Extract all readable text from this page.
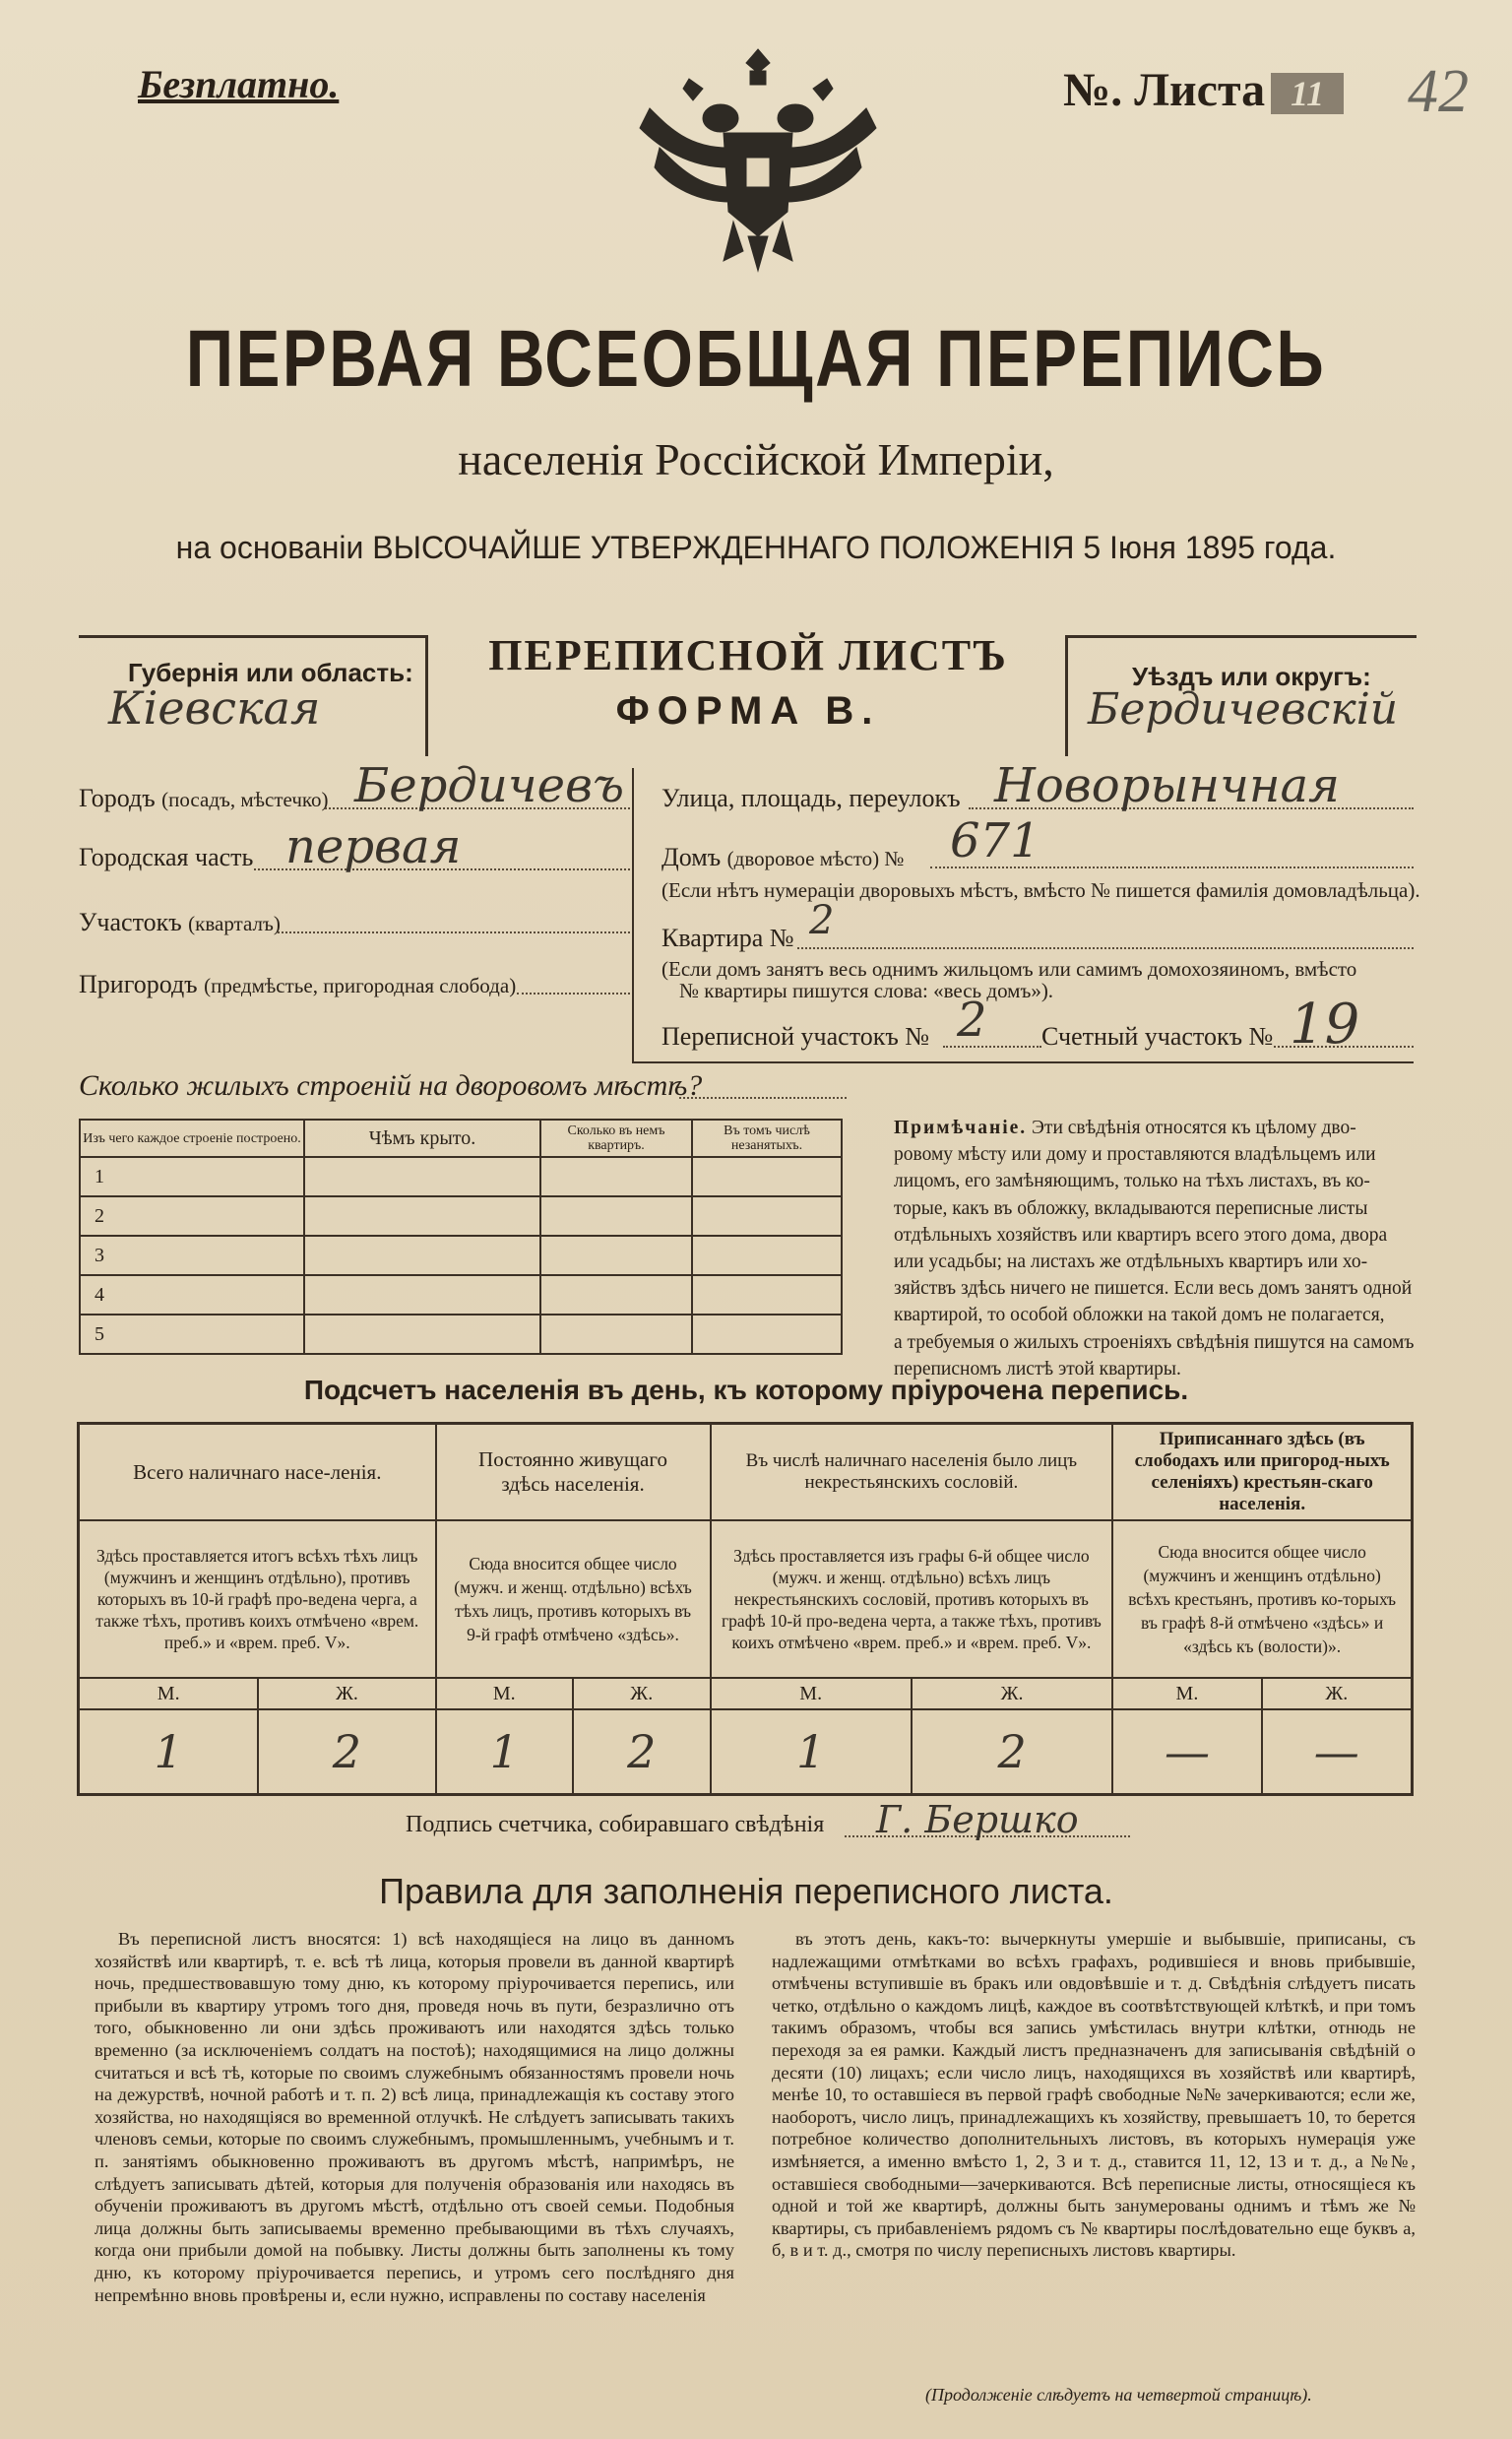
Безплатно.	№. Листа 11	42
ПЕРВАЯ ВСЕОБЩАЯ ПЕРЕПИСЬ
населенія Россійской Имперіи,
на основаніи ВЫСОЧАЙШЕ УТВЕРЖДЕННАГО ПОЛОЖЕНІЯ 5 Іюня 1895 года.
Губернія или область:
Кіевская
ПЕРЕПИСНОЙ ЛИСТЪ
ФОРМА В.
Уѣздъ или округъ:
Бердичевскій
Городъ (посадъ, мѣстечко) Бердичевъ
Городская часть первая
Участокъ (кварталъ)
Пригородъ (предмѣстье, пригородная слобода)
Улица, площадь, переулокъ Новорынчная
Домъ (дворовое мѣсто) № 671
(Если нѣтъ нумераціи дворовыхъ мѣстъ, вмѣсто № пишется фамилія домовладѣльца).
Квартира № 2
(Если домъ занятъ весь однимъ жильцомъ или самимъ домохозяиномъ, вмѣсто
№ квартиры пишутся слова: «весь домъ»).
Переписной участокъ № 2 Счетный участокъ № 19
Сколько жилыхъ строеній на дворовомъ мѣстѣ?
Изъ чего каждое строеніе построено.	Чѣмъ крыто.	Сколько въ немъ квартиръ.	Въ томъ числѣ незанятыхъ.
1			
2			
3			
4			
5			
Примѣчаніе. Эти свѣдѣнія относятся къ цѣлому дво-
ровому мѣсту или дому и проставляются владѣльцемъ или
лицомъ, его замѣняющимъ, только на тѣхъ листахъ, въ ко-
торые, какъ въ обложку, вкладываются переписные листы
отдѣльныхъ хозяйствъ или квартиръ всего этого дома, двора
или усадьбы; на листахъ же отдѣльныхъ квартиръ или хо-
зяйствъ здѣсь ничего не пишется. Если весь домъ занятъ одной
квартирой, то особой обложки на такой домъ не полагается,
а требуемыя о жилыхъ строеніяхъ свѣдѣнія пишутся на самомъ
переписномъ листѣ этой квартиры.
Подсчетъ населенія въ день, къ которому пріурочена перепись.
Всего наличнаго насе-ленія.		Постоянно живущаго здѣсь населенія.		Въ числѣ наличнаго населенія было лицъ некрестьянскихъ сословій.		Приписаннаго здѣсь (въ слободахъ или пригород-ныхъ селеніяхъ) крестьян-скаго населенія.	
Здѣсь проставляется итогъ всѣхъ тѣхъ лицъ (мужчинъ и женщинъ отдѣльно), противъ которыхъ въ 10-й графѣ про-ведена черга, а также тѣхъ, противъ коихъ отмѣчено «врем. преб.» и «врем. преб. V».		Сюда вносится общее число (мужч. и женщ. отдѣльно) всѣхъ тѣхъ лицъ, противъ которыхъ въ 9-й графѣ отмѣчено «здѣсь».		Здѣсь проставляется изъ графы 6-й общее число (мужч. и женщ. отдѣльно) всѣхъ лицъ некрестьянскихъ сословій, противъ которыхъ въ графѣ 10-й про-ведена черта, а также тѣхъ, противъ коихъ отмѣчено «врем. преб.» и «врем. преб. V».		Сюда вносится общее число (мужчинъ и женщинъ отдѣльно) всѣхъ крестьянъ, противъ ко-торыхъ въ графѣ 8-й отмѣчено «здѣсь» и «здѣсь къ (волости)».	
М.	Ж.	М.	Ж.	М.	Ж.	М.	Ж.
1	2	1	2	1	2	—	—
Подпись счетчика, собиравшаго свѣдѣнія Г. Бершко
Правила для заполненія переписного листа.
Въ переписной листъ вносятся: 1) всѣ находящіеся на лицо въ данномъ хозяйствѣ или квартирѣ, т. е. всѣ тѣ лица, которыя провели въ данной квартирѣ ночь, предшествовавшую тому дню, къ которому пріурочивается перепись, или прибыли въ квартиру утромъ того дня, проведя ночь въ пути, безразлично отъ того, обыкновенно ли они здѣсь проживаютъ или находятся здѣсь только временно (за исключеніемъ солдатъ на постоѣ); находящимися на лицо должны считаться и всѣ тѣ, которые по своимъ служебнымъ обязанностямъ провели ночь на дежурствѣ, ночной работѣ и т. п. 2) всѣ лица, принадлежащія къ составу этого хозяйства, но находящіяся во временной отлучкѣ. Не слѣдуетъ записывать такихъ членовъ семьи, которые по своимъ служебнымъ, промышленнымъ, учебнымъ и т. п. занятіямъ обыкновенно проживаютъ въ другомъ мѣстѣ, напримѣръ, не слѣдуетъ записывать дѣтей, которыя для полученія образованія или находясь въ обученіи проживаютъ въ другомъ мѣстѣ, отдѣльно отъ своей семьи. Подобныя лица должны быть записываемы временно пребывающими въ тѣхъ случаяхъ, когда они прибыли домой на побывку. Листы должны быть заполнены къ тому дню, къ которому пріурочивается перепись, и утромъ сего послѣдняго дня непремѣнно вновь провѣрены и, если нужно, исправлены по составу населенія
въ этотъ день, какъ-то: вычеркнуты умершіе и выбывшіе, приписаны, съ надлежащими отмѣтками во всѣхъ графахъ, родившіеся и вновь прибывшіе, отмѣчены вступившіе въ бракъ или овдовѣвшіе и т. д. Свѣдѣнія слѣдуетъ писать четко, отдѣльно о каждомъ лицѣ, каждое въ соотвѣтствующей клѣткѣ, и при томъ такимъ образомъ, чтобы вся запись умѣстилась внутри клѣтки, отнюдь не переходя за ея рамки. Каждый листъ предназначенъ для записыванія свѣдѣній о десяти (10) лицахъ; если число лицъ, находящихся въ хозяйствѣ или квартирѣ, менѣе 10, то оставшіеся въ первой графѣ свободные №№ зачеркиваются; если же, наоборотъ, число лицъ, принадлежащихъ къ хозяйству, превышаетъ 10, то берется потребное количество дополнительныхъ листовъ, въ которыхъ нумерація уже измѣняется, а именно вмѣсто 1, 2, 3 и т. д., ставится 11, 12, 13 и т. д., а №№, оставшіеся свободными—зачеркиваются. Всѣ переписные листы, относящіеся къ одной и той же квартирѣ, должны быть занумерованы однимъ и тѣмъ же № квартиры, съ прибавленіемъ рядомъ съ № квартиры послѣдовательно еще буквъ а, б, в и т. д., смотря по числу переписныхъ листовъ квартиры.
(Продолженіе слѣдуетъ на четвертой страницѣ).
